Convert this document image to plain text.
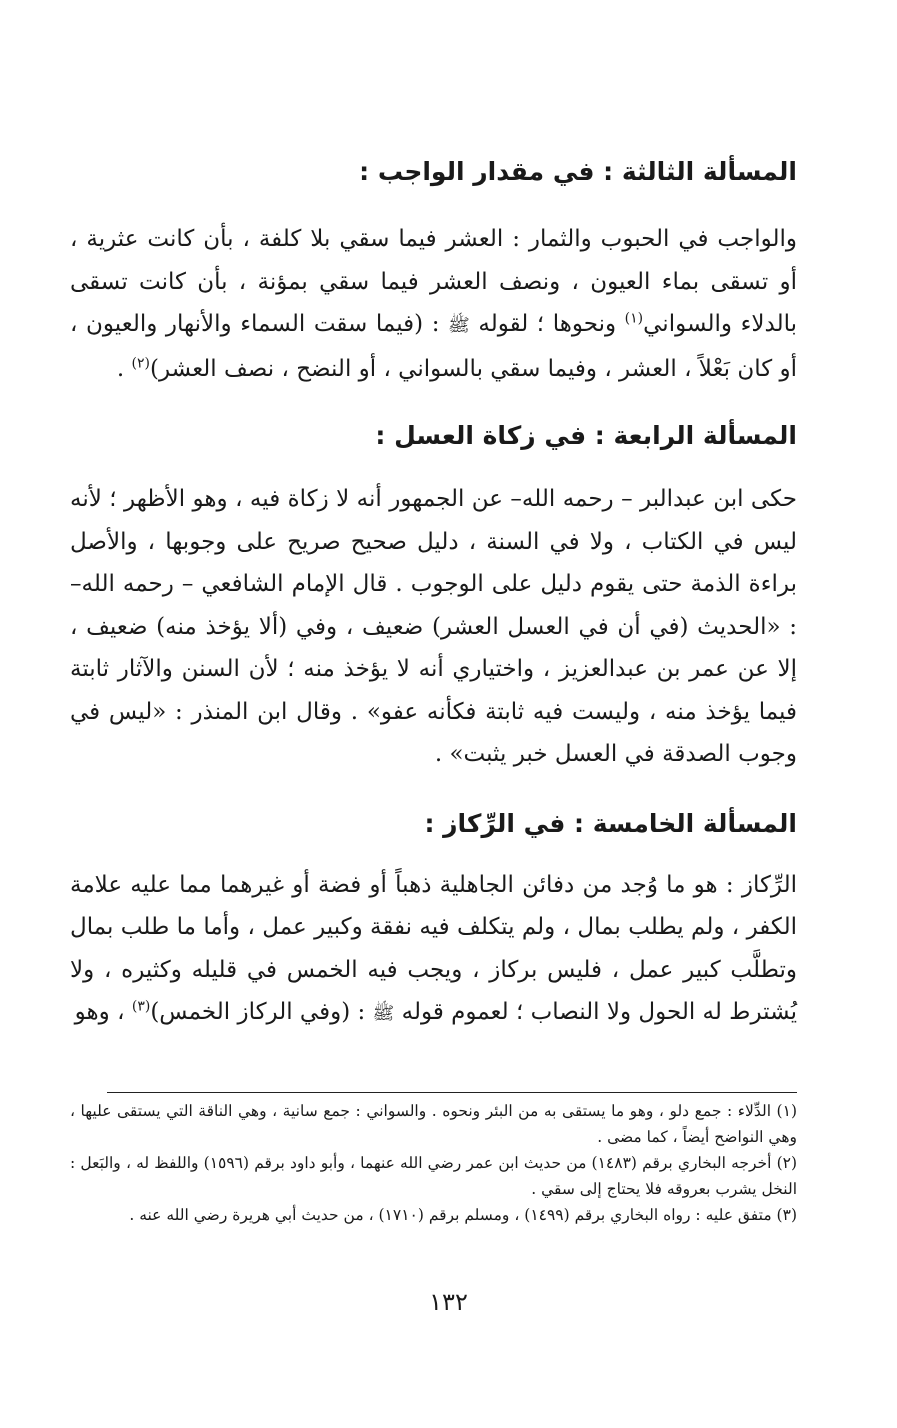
المسألة الثالثة : في مقدار الواجب :

والواجب في الحبوب والثمار : العشر فيما سقي بلا كلفة ، بأن كانت عثرية ، أو تسقى بماء العيون ، ونصف العشر فيما سقي بمؤنة ، بأن كانت تسقى بالدلاء والسواني$^{(١)}$ ونحوها ؛ لقوله ﷺ : (فيما سقت السماء والأنهار والعيون ، أو كان بَعْلاً ، العشر ، وفيما سقي بالسواني ، أو النضح ، نصف العشر)$^{(٢)}$ .

المسألة الرابعة : في زكاة العسل :

حكى ابن عبدالبر – رحمه الله– عن الجمهور أنه لا زكاة فيه ، وهو الأظهر ؛ لأنه ليس في الكتاب ، ولا في السنة ، دليل صحيح صريح على وجوبها ، والأصل براءة الذمة حتى يقوم دليل على الوجوب . قال الإمام الشافعي – رحمه الله– : «الحديث (في أن في العسل العشر) ضعيف ، وفي (ألا يؤخذ منه) ضعيف ، إلا عن عمر بن عبدالعزيز ، واختياري أنه لا يؤخذ منه ؛ لأن السنن والآثار ثابتة فيما يؤخذ منه ، وليست فيه ثابتة فكأنه عفو» . وقال ابن المنذر : «ليس في وجوب الصدقة في العسل خبر يثبت» .

المسألة الخامسة : في الرِّكاز :

الرِّكاز : هو ما وُجد من دفائن الجاهلية ذهباً أو فضة أو غيرهما مما عليه علامة الكفر ، ولم يطلب بمال ، ولم يتكلف فيه نفقة وكبير عمل ، وأما ما طلب بمال وتطلَّب كبير عمل ، فليس بركاز ، ويجب فيه الخمس في قليله وكثيره ، ولا يُشترط له الحول ولا النصاب ؛ لعموم قوله ﷺ : (وفي الركاز الخمس)$^{(٣)}$ ، وهو

(١) الدِّلاء : جمع دلو ، وهو ما يستقى به من البئر ونحوه . والسواني : جمع سانية ، وهي الناقة التي يستقى عليها ، وهي النواضح أيضاً ، كما مضى .

(٢) أخرجه البخاري برقم (١٤٨٣) من حديث ابن عمر رضي الله عنهما ، وأبو داود برقم (١٥٩٦) واللفظ له ، والبَعل : النخل يشرب بعروقه فلا يحتاج إلى سقي .

(٣) متفق عليه : رواه البخاري برقم (١٤٩٩) ، ومسلم برقم (١٧١٠) ، من حديث أبي هريرة رضي الله عنه .

١٣٢
